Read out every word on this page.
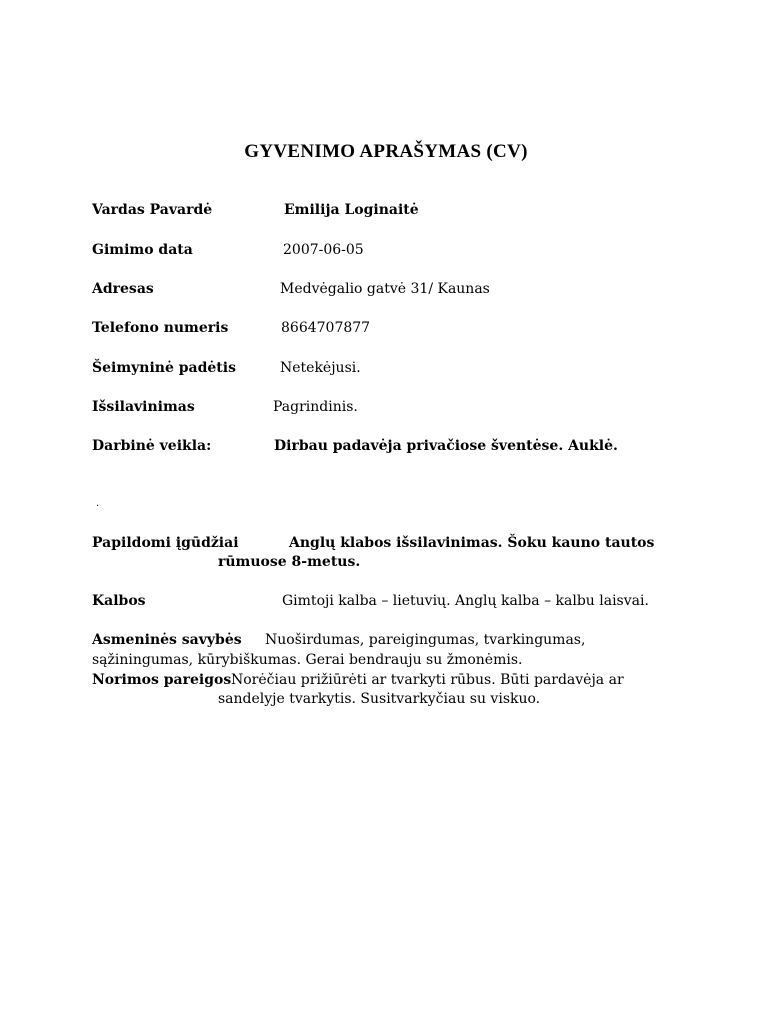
GYVENIMO APRAŠYMAS (CV)
Vardas Pavardė	Emilija Loginaitė
Gimimo data	2007-06-05
Adresas	Medvėgalio gatvė 31/ Kaunas
Telefono numeris	8664707877
Šeimyninė padėtis	Netekėjusi.
Išsilavinimas	Pagrindinis.
Darbinė veikla:	Dirbau padavėja privačiose šventėse. Auklė.
.
Papildomi įgūdžiai	Anglų klabos išsilavinimas. Šoku kauno tautos
rūmuose 8-metus.
Kalbos	Gimtoji kalba – lietuvių. Anglų kalba – kalbu laisvai.
Asmeninės savybės Nuoširdumas, pareigingumas, tvarkingumas,
sąžiningumas, kūrybiškumas. Gerai bendrauju su žmonėmis.
Norimos pareigos Norėčiau prižiūrėti ar tvarkyti rūbus. Būti pardavėja ar
sandelyje tvarkytis. Susitvarkyčiau su viskuo.
